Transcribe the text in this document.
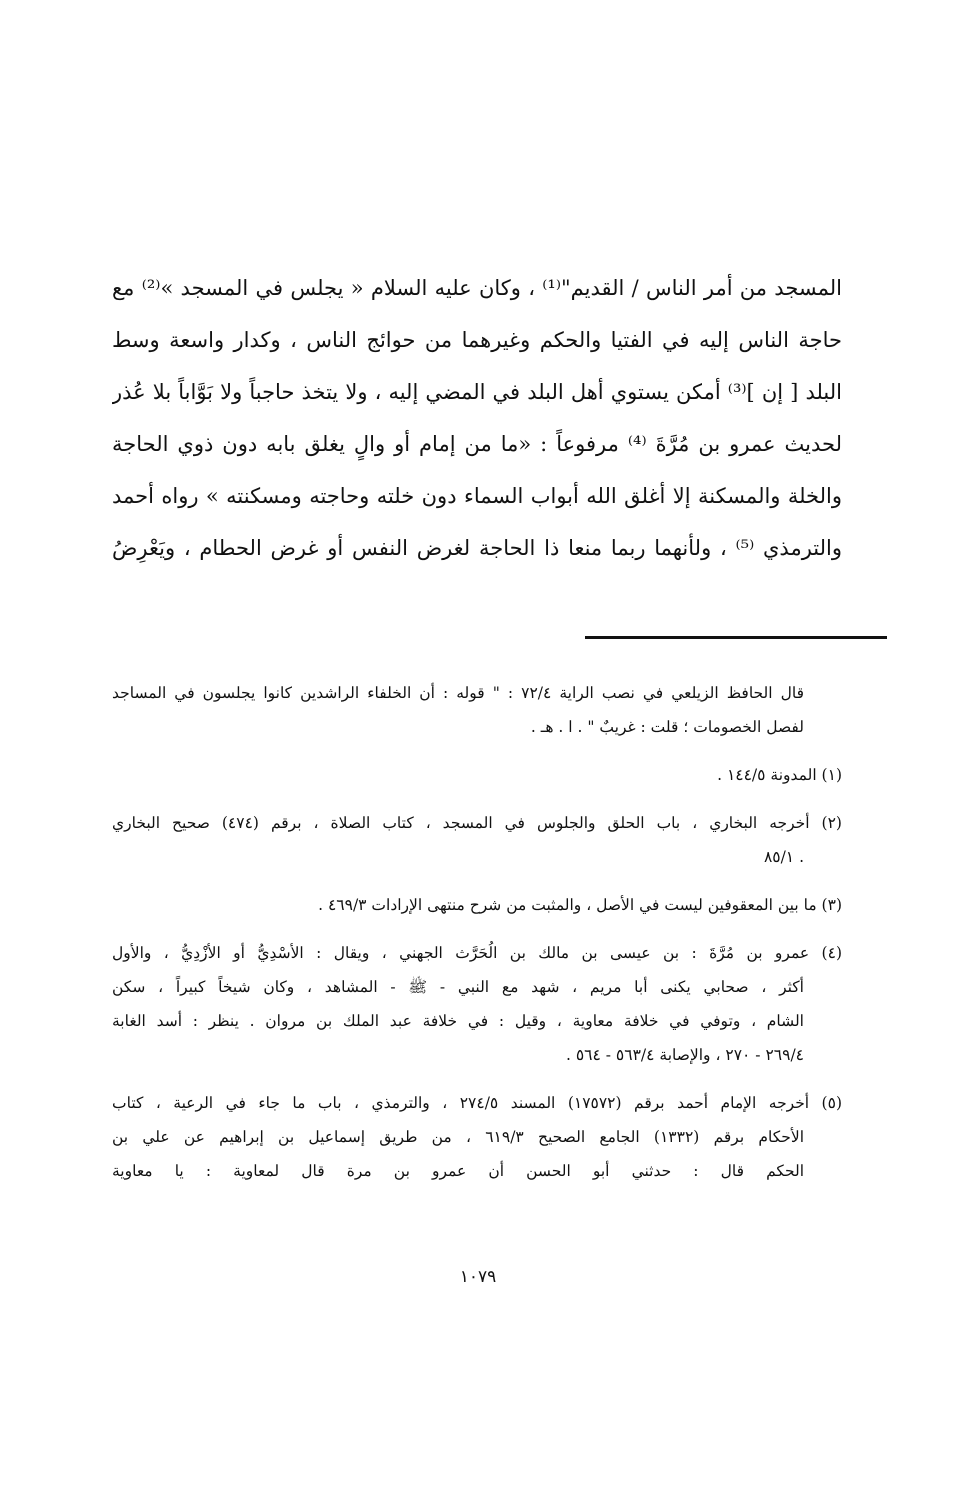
المسجد من أمر الناس / القديم"⁽¹⁾ ، وكان عليه السلام « يجلس في المسجد »⁽²⁾ مع
حاجة الناس إليه في الفتيا والحكم وغيرهما من حوائج الناس ، وكدار واسعة وسط
البلد [ إن ]⁽³⁾ أمكن يستوي أهل البلد في المضي إليه ، ولا يتخذ حاجباً ولا بَوَّاباً بلا عُذر
لحديث عمرو بن مُرَّةَ ⁽⁴⁾ مرفوعاً : «ما من إمام أو والٍ يغلق بابه دون ذوي الحاجة
والخلة والمسكنة إلا أغلق الله أبواب السماء دون خلته وحاجته ومسكنته » رواه أحمد
والترمذي ⁽⁵⁾ ، ولأنهما ربما منعا ذا الحاجة لغرض النفس أو غرض الحطام ، ويَعْرِضُ
قال الحافظ الزيلعي في نصب الراية ٧٢/٤ : " قوله : أن الخلفاء الراشدين كانوا يجلسون في المساجد
لفصل الخصومات ؛ قلت : غريبٌ " . ا . هـ .
(١) المدونة ١٤٤/٥ .
(٢) أخرجه البخاري ، باب الحلق والجلوس في المسجد ، كتاب الصلاة ، برقم (٤٧٤) صحيح البخاري
. ٨٥/١
(٣) ما بين المعقوفين ليست في الأصل ، والمثبت من شرح منتهى الإرادات ٤٦٩/٣ .
(٤) عمرو بن مُرَّةَ : بن عيسى بن مالك بن الُحَرَّث الجهني ، ويقال : الأسْدِيُّ أو الأزْدِيُّ ، والأول
أكثر ، صحابي يكنى أبا مريم ، شهد مع النبي - ﷺ - المشاهد ، وكان شيخاً كبيراً ، سكن
الشام ، وتوفي في خلافة معاوية ، وقيل : في خلافة عبد الملك بن مروان . ينظر : أسد الغابة
٢٦٩/٤ - ٢٧٠ ، والإصابة ٥٦٣/٤ - ٥٦٤ .
(٥) أخرجه الإمام أحمد برقم (١٧٥٧٢) المسند ٢٧٤/٥ ، والترمذي ، باب ما جاء في الرعية ، كتاب
الأحكام برقم (١٣٣٢) الجامع الصحيح ٦١٩/٣ ، من طريق إسماعيل بن إبراهيم عن علي بن
الحكم قال : حدثني أبو الحسن أن عمرو بن مرة قال لمعاوية : يا معاوية
١٠٧٩
